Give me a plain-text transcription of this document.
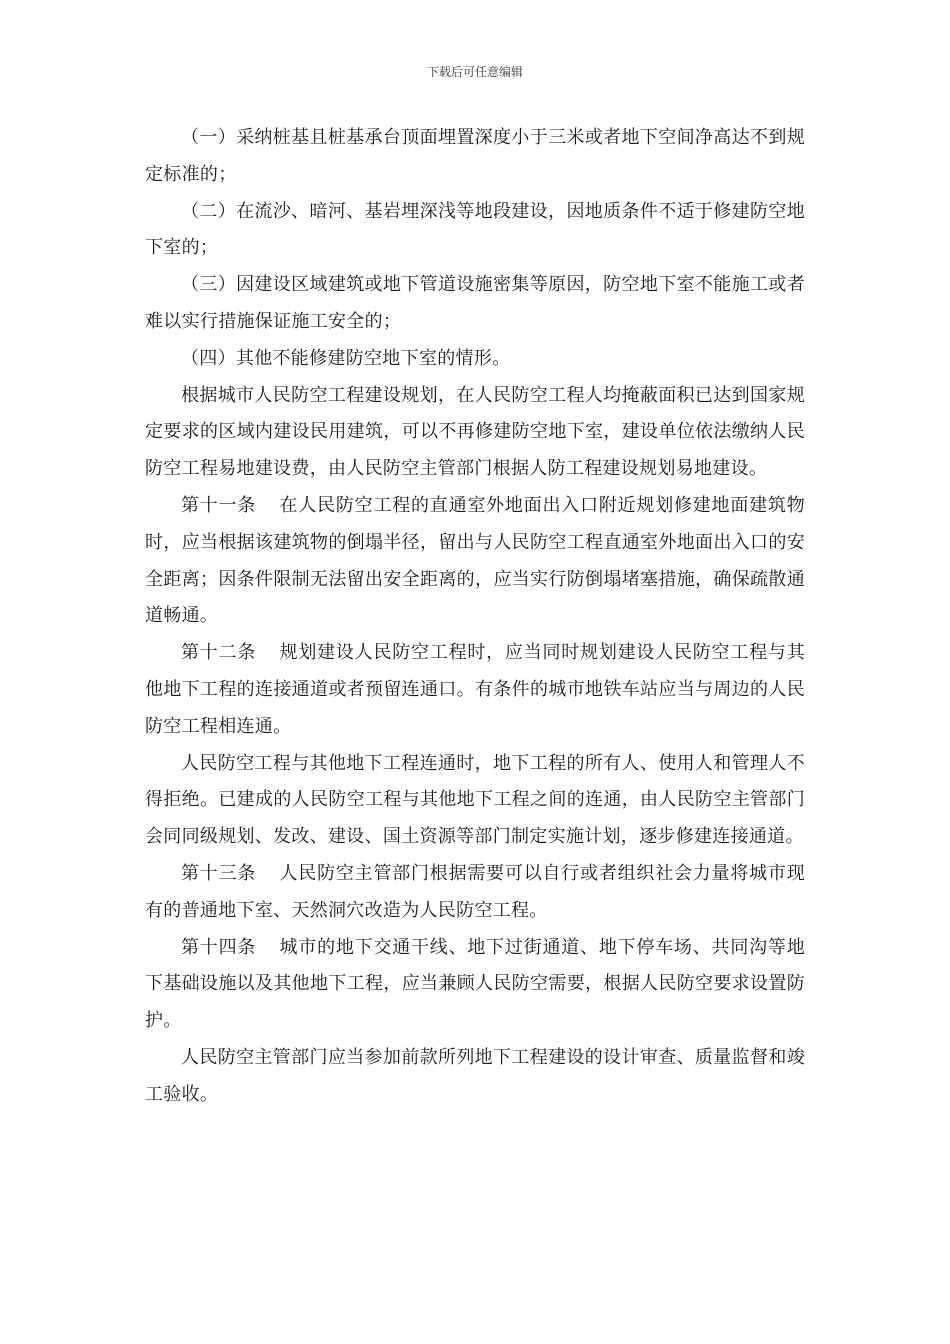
下载后可任意编辑

（一）采纳桩基且桩基承台顶面埋置深度小于三米或者地下空间净高达不到规定标准的；

（二）在流沙、暗河、基岩埋深浅等地段建设，因地质条件不适于修建防空地下室的；

（三）因建设区域建筑或地下管道设施密集等原因，防空地下室不能施工或者难以实行措施保证施工安全的；

（四）其他不能修建防空地下室的情形。

根据城市人民防空工程建设规划，在人民防空工程人均掩蔽面积已达到国家规定要求的区域内建设民用建筑，可以不再修建防空地下室，建设单位依法缴纳人民防空工程易地建设费，由人民防空主管部门根据人防工程建设规划易地建设。

第十一条 在人民防空工程的直通室外地面出入口附近规划修建地面建筑物时，应当根据该建筑物的倒塌半径，留出与人民防空工程直通室外地面出入口的安全距离；因条件限制无法留出安全距离的，应当实行防倒塌堵塞措施，确保疏散通道畅通。

第十二条 规划建设人民防空工程时，应当同时规划建设人民防空工程与其他地下工程的连接通道或者预留连通口。有条件的城市地铁车站应当与周边的人民防空工程相连通。

人民防空工程与其他地下工程连通时，地下工程的所有人、使用人和管理人不得拒绝。已建成的人民防空工程与其他地下工程之间的连通，由人民防空主管部门会同同级规划、发改、建设、国土资源等部门制定实施计划，逐步修建连接通道。

第十三条 人民防空主管部门根据需要可以自行或者组织社会力量将城市现有的普通地下室、天然洞穴改造为人民防空工程。

第十四条 城市的地下交通干线、地下过街通道、地下停车场、共同沟等地下基础设施以及其他地下工程，应当兼顾人民防空需要，根据人民防空要求设置防护。

人民防空主管部门应当参加前款所列地下工程建设的设计审查、质量监督和竣工验收。
